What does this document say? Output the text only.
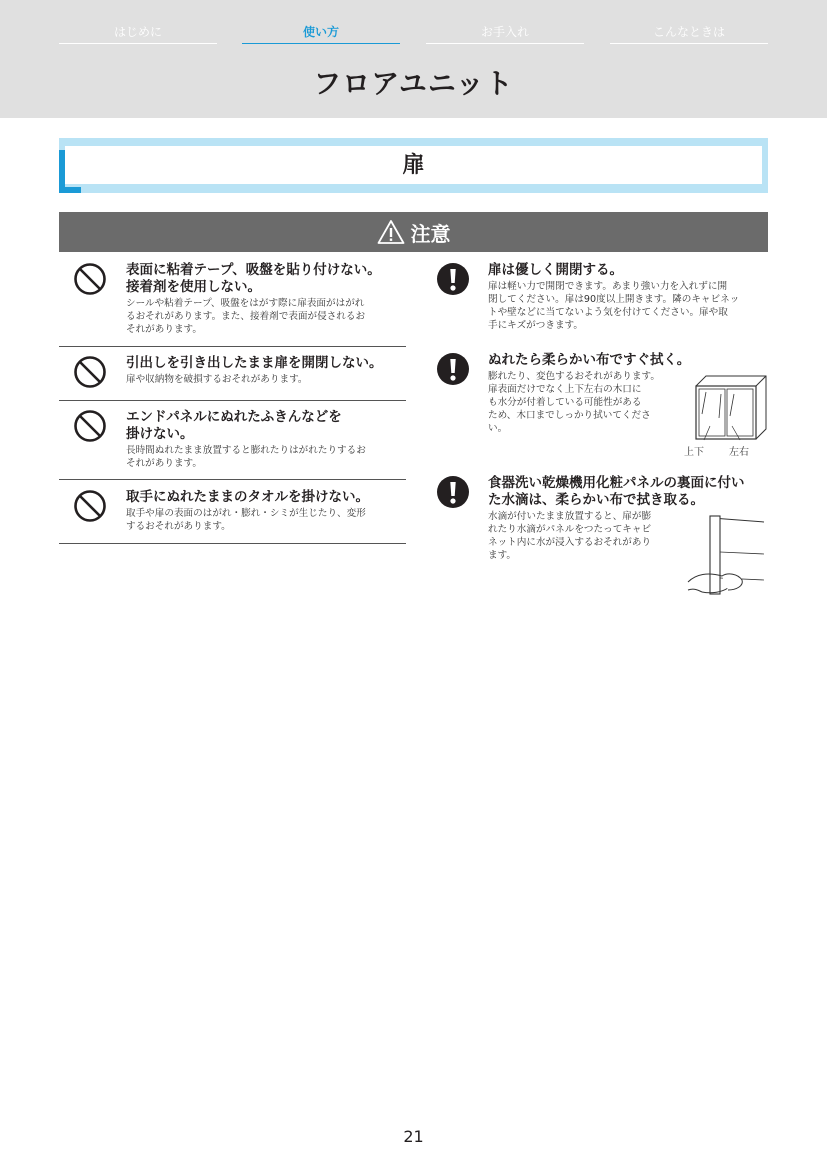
はじめに	使い方	お手入れ	こんなときは
フロアユニット
扉
注意
表面に粘着テープ、吸盤を貼り付けない。
接着剤を使用しない。
シールや粘着テープ、吸盤をはがす際に扉表面がはがれ
るおそれがあります。また、接着剤で表面が侵されるお
それがあります。
引出しを引き出したまま扉を開閉しない。
扉や収納物を破損するおそれがあります。
エンドパネルにぬれたふきんなどを
掛けない。
長時間ぬれたまま放置すると膨れたりはがれたりするお
それがあります。
取手にぬれたままのタオルを掛けない。
取手や扉の表面のはがれ・膨れ・シミが生じたり、変形
するおそれがあります。
扉は優しく開閉する。
扉は軽い力で開閉できます。あまり強い力を入れずに開
閉してください。扉は90度以上開きます。隣のキャビネッ
トや壁などに当てないよう気を付けてください。扉や取
手にキズがつきます。
ぬれたら柔らかい布ですぐ拭く。
膨れたり、変色するおそれがあります。
扉表面だけでなく上下左右の木口に
も水分が付着している可能性がある
ため、木口までしっかり拭いてくださ
い。
上下	左右
食器洗い乾燥機用化粧パネルの裏面に付い
た水滴は、柔らかい布で拭き取る。
水滴が付いたまま放置すると、扉が膨
れたり水滴がパネルをつたってキャビ
ネット内に水が浸入するおそれがあり
ます。
21
